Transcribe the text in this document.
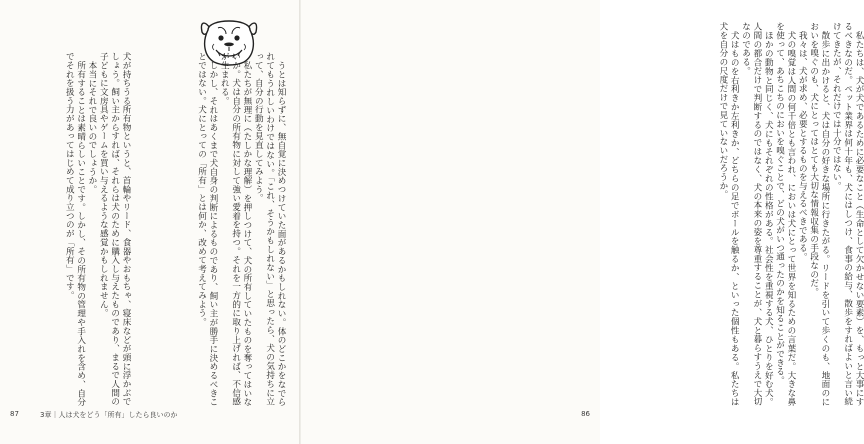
うとは知らずに、無自覚に決めつけていた面があるかもしれない。体のどこかをなでられてもうれしいわけではない。「これ、そうかもしれない」と思ったら、犬の気持ちに立って、自分の行動を見直してみよう。

私たちが無理に（たしかな理解）を押しつけて、犬の所有していたものを奪ってはいないか。犬は自分の所有物に対して強い愛着を持つ。それを一方的に取り上げれば、不信感が生まれる。

しかし、それはあくまで犬自身の判断によるものであり、飼い主が勝手に決めるべきことではない。犬にとっての「所有」とは何か、改めて考えてみよう。

犬が持ちうる所有物というと、首輪やリード、食器やおもちゃ、寝床などが頭に浮かぶでしょう。飼い主からすれば、それらは犬のために購入し与えたものであり、まるで人間の子どもに文房具やゲームを買い与えるような感覚かもしれません。

本当にそれで良いのでしょうか。

所有することは素晴らしいことです。しかし、その所有物の管理や手入れを含め、自分でそれを扱う力があってはじめて成り立つのが「所有」です。

87	3章｜人は犬をどう「所有」したら良いのか

私たちは、犬が犬であるために必要なこと（生命として欠かせない要素）を、もっと大事にするべきなのだ。ペット業界は何十年も、犬にはしつけ、食事の給与、散歩をすればよいと言い続けてきたが、それだけでは十分ではない。

散歩に出かけると、犬は自分の好きな場所に行きたがる。リードを引いて歩くのも、地面のにおいを嗅ぐのも、犬にとってはとても大切な情報収集の手段なのだ。

我々は、犬が求め、必要とするものを与えるべきである。

犬の嗅覚は人間の何千倍とも言われ、においは犬にとって世界を知るための言葉だ。大きな鼻を使って、あちこちのにおいを嗅ぐことで、どの犬がいつ通ったのかを知ることができる。

ほかの動物と同じく、犬にもそれぞれの性格がある。社会性を重視する犬、ひとりを好む犬。人間の都合だけで判断するのではなく、犬の本来の姿を尊重することが、犬と暮らすうえで大切なのである。

犬はものを右利きか左利きか、どちらの足でボールを触るか、といった個性もある。私たちは犬を自分の尺度だけで見ていないだろうか。

86
